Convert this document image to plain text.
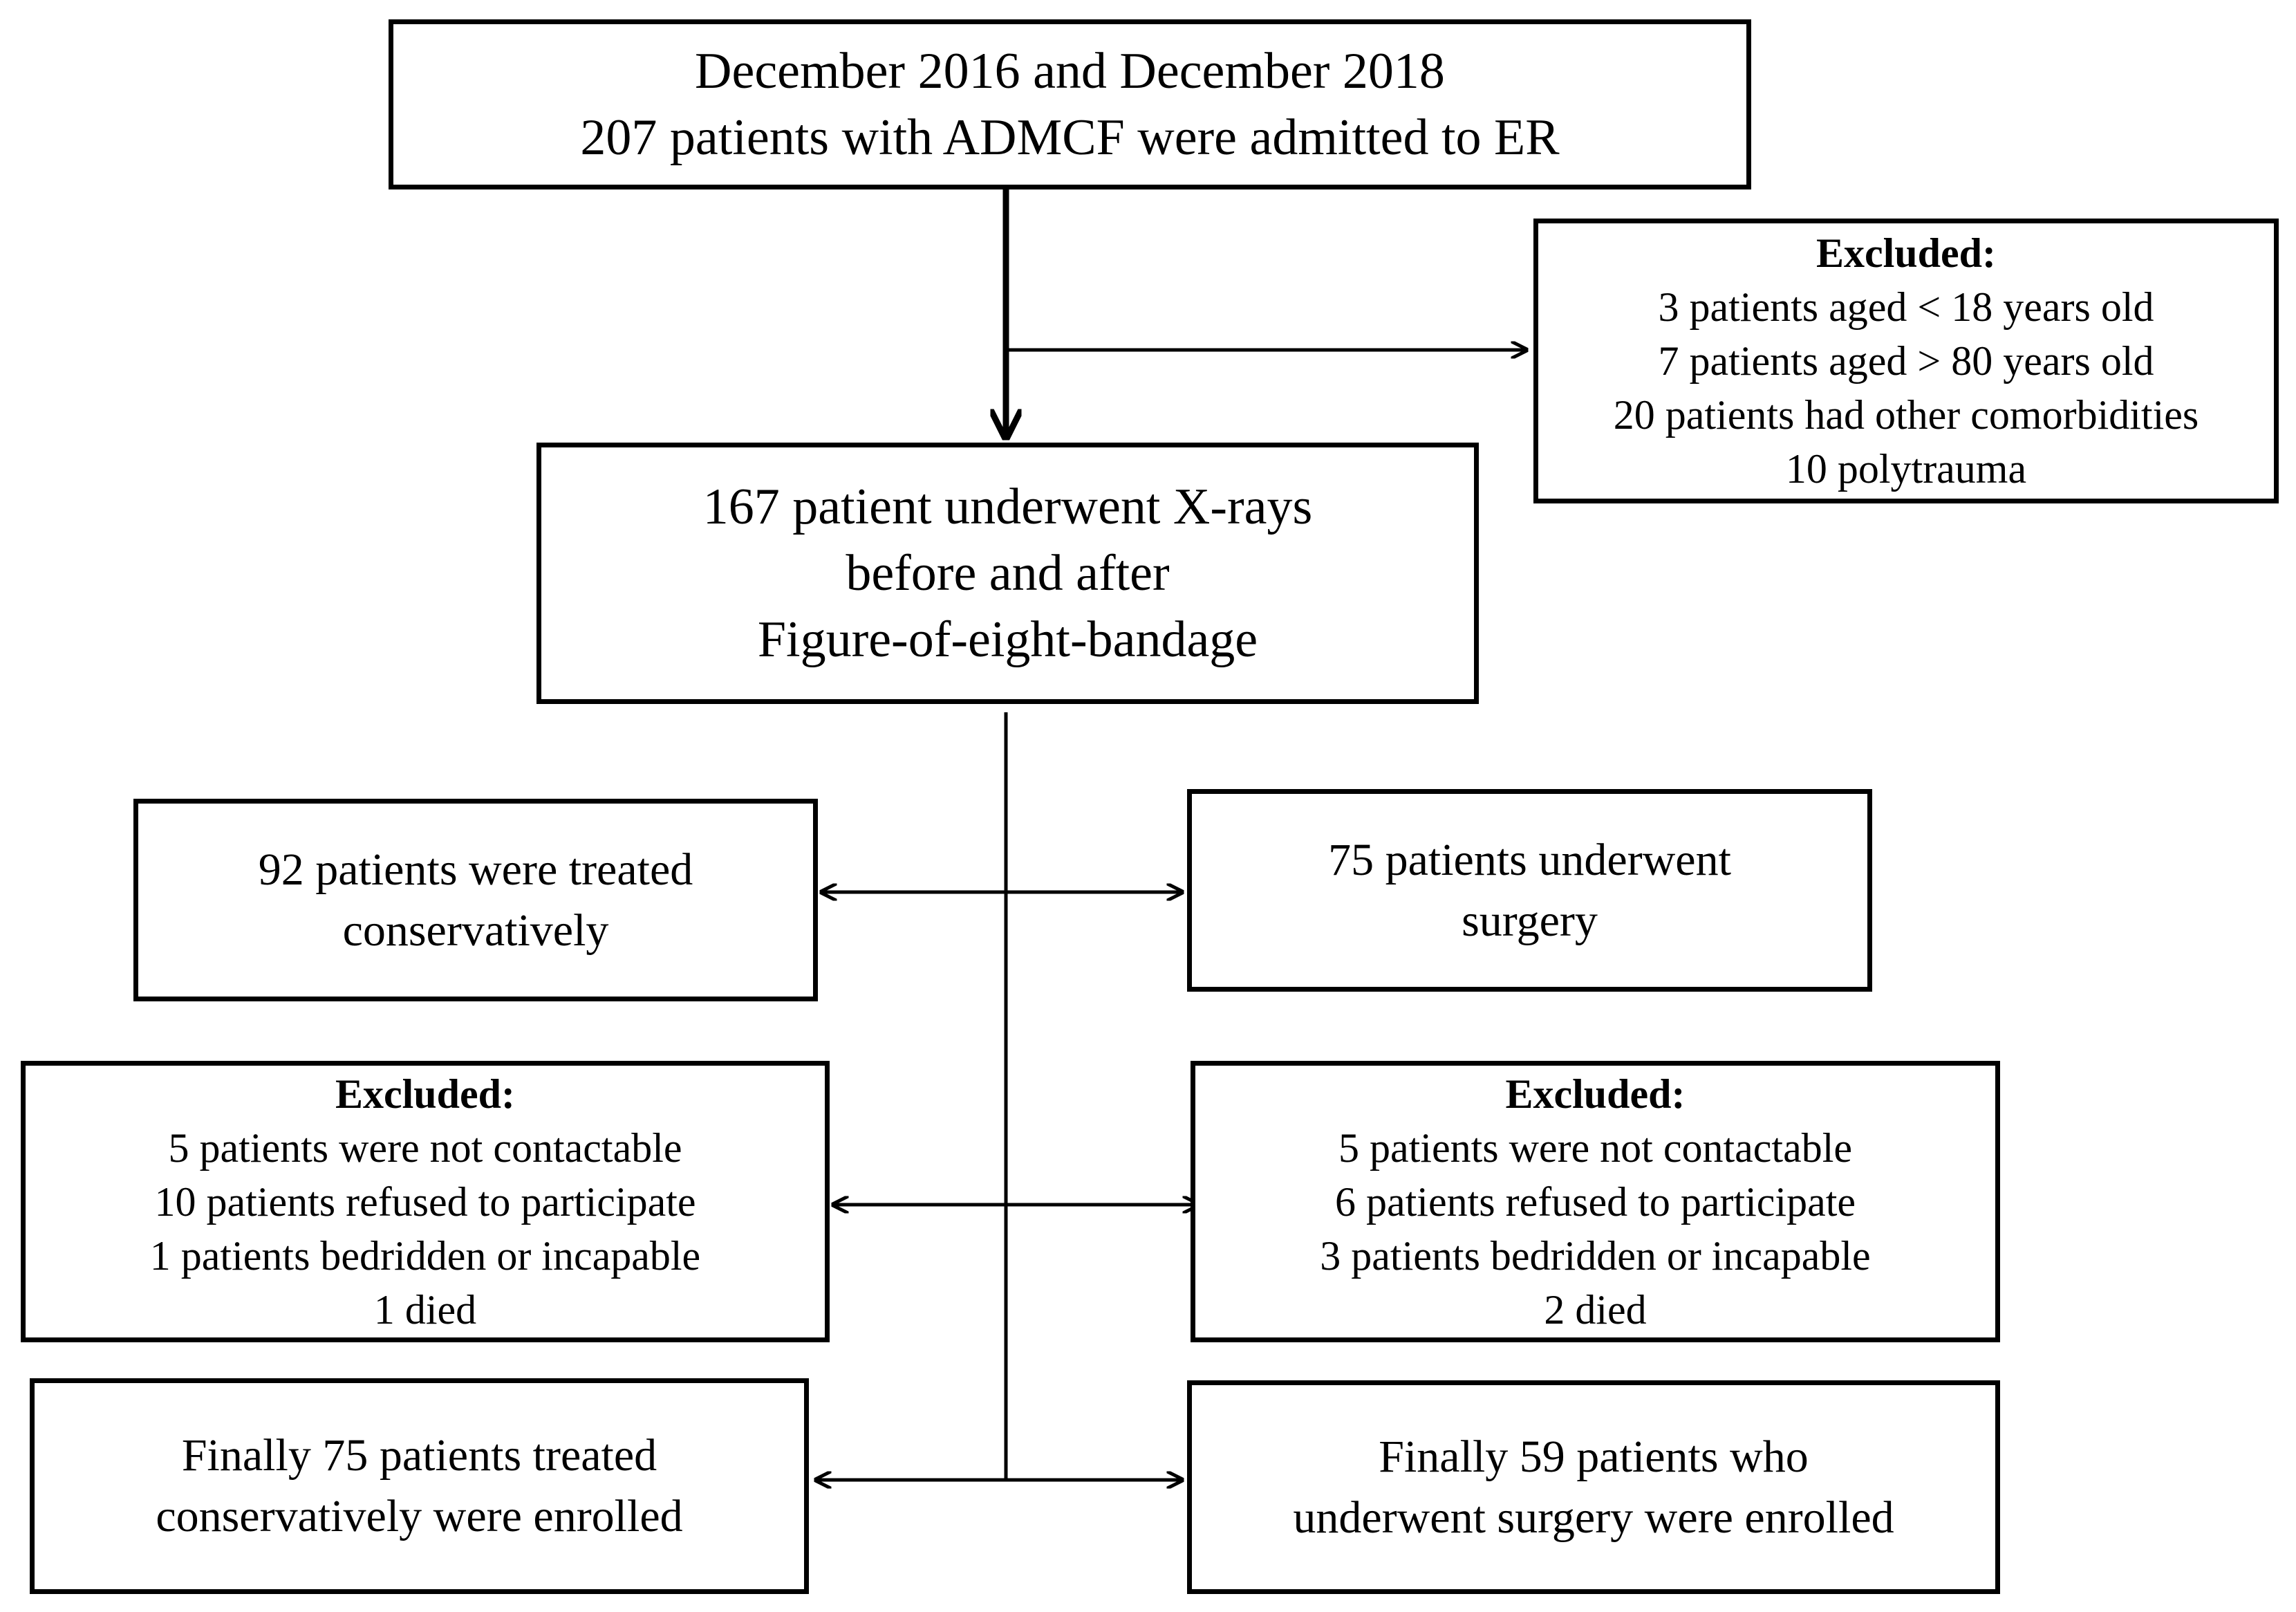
December 2016 and December 2018
207 patients with ADMCF were admitted to ER
Excluded:
3 patients aged < 18 years old
7 patients aged > 80 years old
20 patients had other comorbidities
10 polytrauma
167 patient underwent X-rays
before and after
Figure-of-eight-bandage
92 patients were treated
conservatively
75 patients underwent
surgery
Excluded:
5 patients were not contactable
10 patients refused to participate
1 patients bedridden or incapable
1 died
Excluded:
5 patients were not contactable
6 patients refused to participate
3 patients bedridden or incapable
2 died
Finally 75 patients treated
conservatively were enrolled
Finally 59 patients who
underwent surgery were enrolled
